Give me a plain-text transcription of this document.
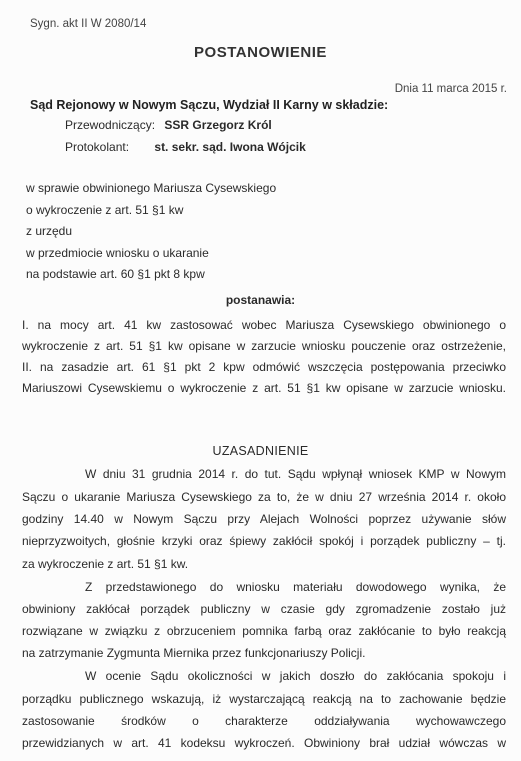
Sygn. akt II W 2080/14
POSTANOWIENIE
Dnia 11 marca 2015 r.
Sąd Rejonowy w Nowym Sączu, Wydział II Karny w składzie:
Przewodniczący: SSR Grzegorz Król
Protokolant: st. sekr. sąd. Iwona Wójcik
w sprawie obwinionego Mariusza Cysewskiego
o wykroczenie z art. 51 §1 kw
z urzędu
w przedmiocie wniosku o ukaranie
na podstawie art. 60 §1 pkt 8 kpw
postanawia:
I. na mocy art. 41 kw zastosować wobec Mariusza Cysewskiego obwinionego o
wykroczenie z art. 51 §1 kw opisane w zarzucie wniosku pouczenie oraz ostrzeżenie,
II. na zasadzie art. 61 §1 pkt 2 kpw odmówić wszczęcia postępowania przeciwko
Mariuszowi Cysewskiemu o wykroczenie z art. 51 §1 kw opisane w zarzucie wniosku.
UZASADNIENIE
W dniu 31 grudnia 2014 r. do tut. Sądu wpłynął wniosek KMP w Nowym
Sączu o ukaranie Mariusza Cysewskiego za to, że w dniu 27 września 2014 r. około
godziny 14.40 w Nowym Sączu przy Alejach Wolności poprzez używanie słów
nieprzyzwoitych, głośnie krzyki oraz śpiewy zakłócił spokój i porządek publiczny – tj.
za wykroczenie z art. 51 §1 kw.
Z przedstawionego do wniosku materiału dowodowego wynika, że
obwiniony zakłócał porządek publiczny w czasie gdy zgromadzenie zostało już
rozwiązane w związku z obrzuceniem pomnika farbą oraz zakłócanie to było reakcją
na zatrzymanie Zygmunta Miernika przez funkcjonariuszy Policji.
W ocenie Sądu okoliczności w jakich doszło do zakłócania spokoju i
porządku publicznego wskazują, iż wystarczającą reakcją na to zachowanie będzie
zastosowanie środków o charakterze oddziaływania wychowawczego
przewidzianych w art. 41 kodeksu wykroczeń. Obwiniony brał udział wówczas w
